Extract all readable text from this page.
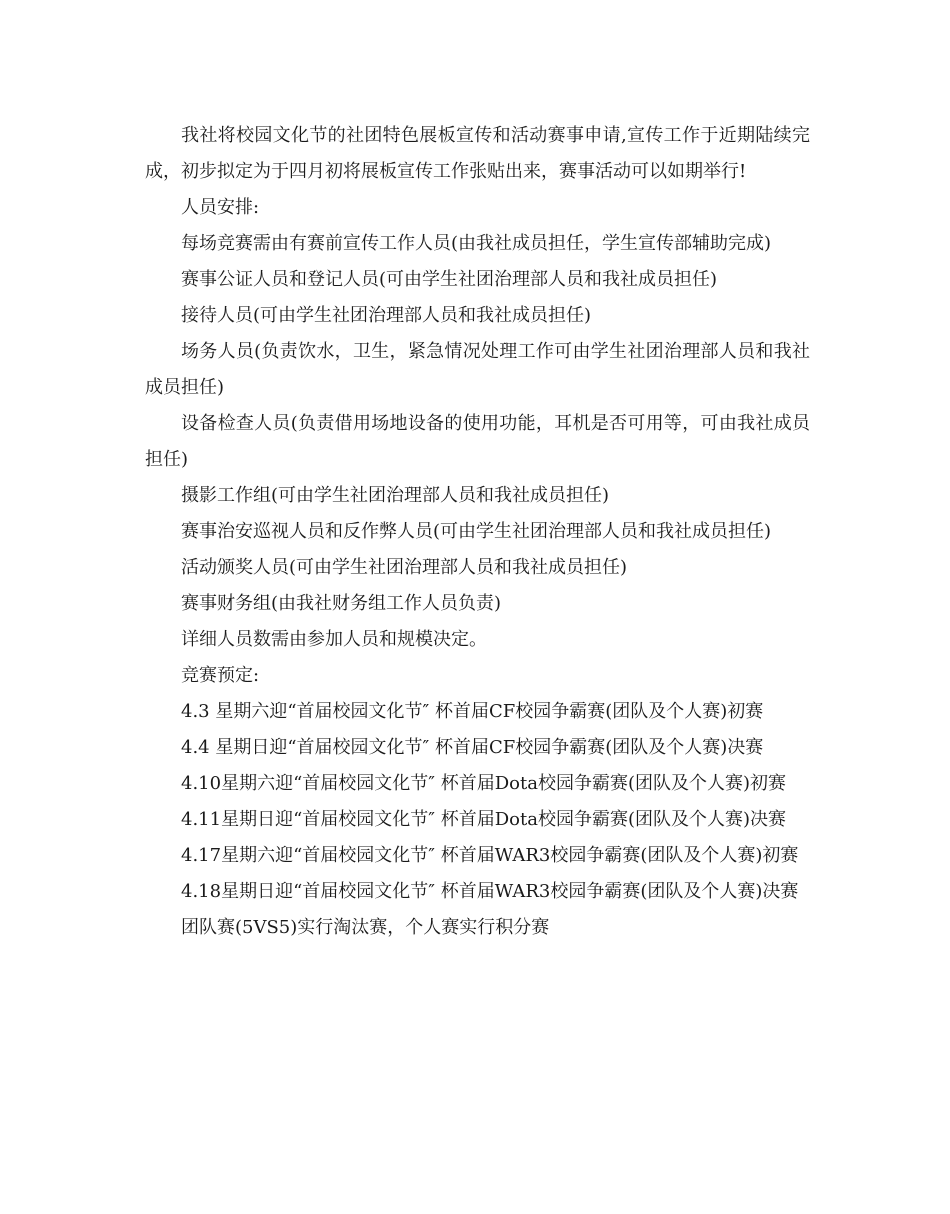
我社将校园文化节的社团特色展板宣传和活动赛事申请,宣传工作于近期陆续完成，初步拟定为于四月初将展板宣传工作张贴出来，赛事活动可以如期举行!

人员安排:

每场竞赛需由有赛前宣传工作人员(由我社成员担任，学生宣传部辅助完成)

赛事公证人员和登记人员(可由学生社团治理部人员和我社成员担任)

接待人员(可由学生社团治理部人员和我社成员担任)

场务人员(负责饮水，卫生，紧急情况处理工作可由学生社团治理部人员和我社成员担任)

设备检查人员(负责借用场地设备的使用功能，耳机是否可用等，可由我社成员担任)

摄影工作组(可由学生社团治理部人员和我社成员担任)

赛事治安巡视人员和反作弊人员(可由学生社团治理部人员和我社成员担任)

活动颁奖人员(可由学生社团治理部人员和我社成员担任)

赛事财务组(由我社财务组工作人员负责)

详细人员数需由参加人员和规模决定。

竞赛预定:

4.3 星期六迎“首届校园文化节″ 杯首届CF校园争霸赛(团队及个人赛)初赛

4.4 星期日迎“首届校园文化节″ 杯首届CF校园争霸赛(团队及个人赛)决赛

4.10星期六迎“首届校园文化节″ 杯首届Dota校园争霸赛(团队及个人赛)初赛

4.11星期日迎“首届校园文化节″ 杯首届Dota校园争霸赛(团队及个人赛)决赛

4.17星期六迎“首届校园文化节″ 杯首届WAR3校园争霸赛(团队及个人赛)初赛

4.18星期日迎“首届校园文化节″ 杯首届WAR3校园争霸赛(团队及个人赛)决赛

团队赛(5VS5)实行淘汰赛，个人赛实行积分赛
